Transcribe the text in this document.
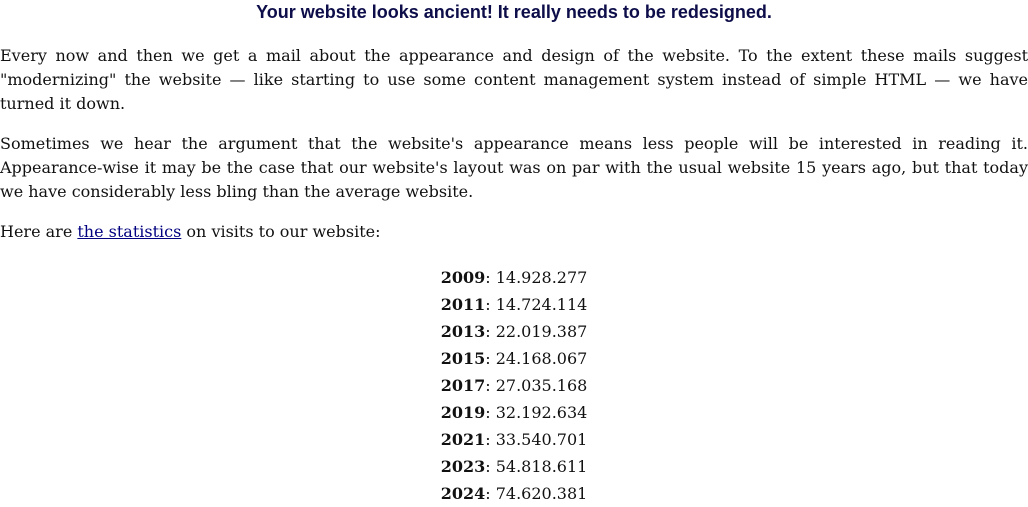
Your website looks ancient! It really needs to be redesigned.

Every now and then we get a mail about the appearance and design of the website. To the extent these mails suggest "modernizing" the website — like starting to use some content management system instead of simple HTML — we have turned it down.

Sometimes we hear the argument that the website's appearance means less people will be interested in reading it. Appearance-wise it may be the case that our website's layout was on par with the usual website 15 years ago, but that today we have considerably less bling than the average website.

Here are the statistics on visits to our website:

2009: 14.928.277
2011: 14.724.114
2013: 22.019.387
2015: 24.168.067
2017: 27.035.168
2019: 32.192.634
2021: 33.540.701
2023: 54.818.611
2024: 74.620.381
